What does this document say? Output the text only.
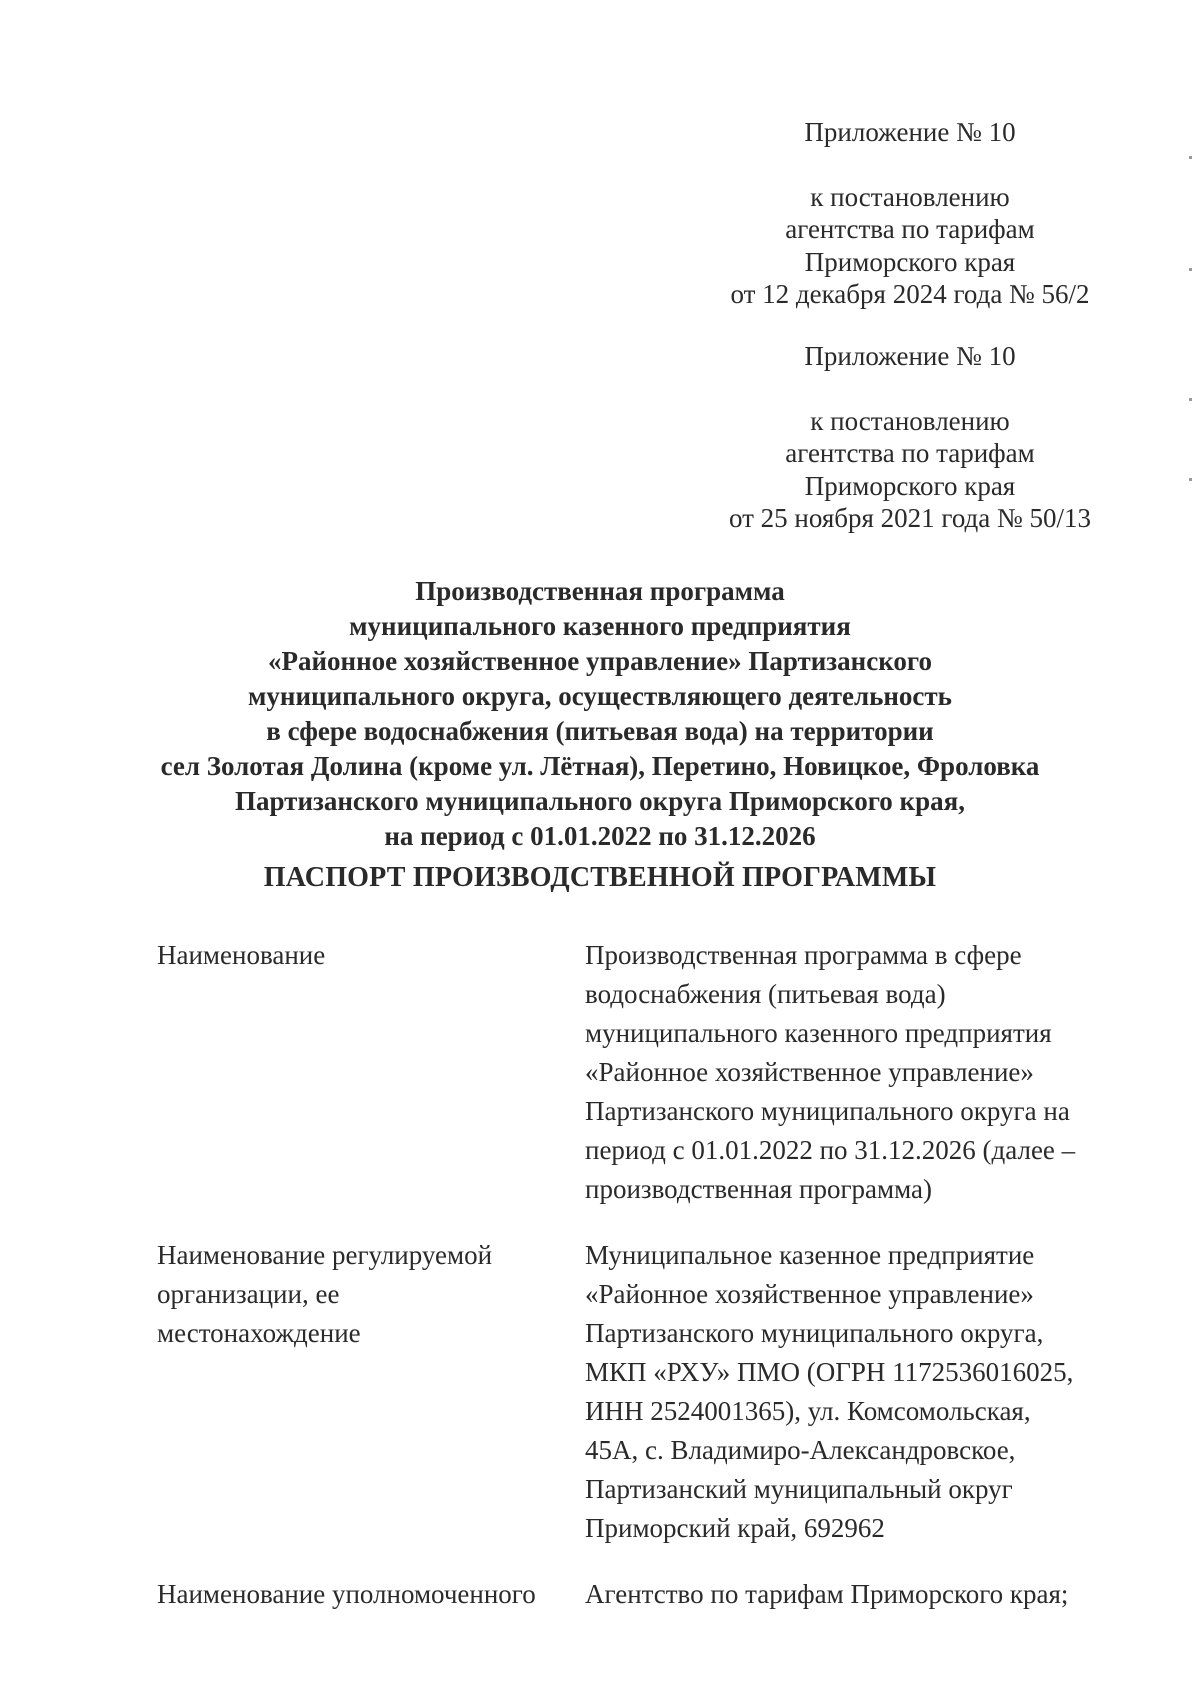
Приложение № 10
к постановлению
агентства по тарифам
Приморского края
от 12 декабря 2024 года № 56/2
Приложение № 10
к постановлению
агентства по тарифам
Приморского края
от 25 ноября 2021 года № 50/13
Производственная программа
муниципального казенного предприятия
«Районное хозяйственное управление» Партизанского
муниципального округа, осуществляющего деятельность
в сфере водоснабжения (питьевая вода) на территории
сел Золотая Долина (кроме ул. Лётная), Перетино, Новицкое, Фроловка
Партизанского муниципального округа Приморского края,
на период с 01.01.2022 по 31.12.2026
ПАСПОРТ ПРОИЗВОДСТВЕННОЙ ПРОГРАММЫ
Наименование	Производственная программа в сфере
водоснабжения (питьевая вода)
муниципального казенного предприятия
«Районное хозяйственное управление»
Партизанского муниципального округа на
период с 01.01.2022 по 31.12.2026 (далее –
производственная программа)
Наименование регулируемой
организации, ее
местонахождение
Муниципальное казенное предприятие
«Районное хозяйственное управление»
Партизанского муниципального округа,
МКП «РХУ» ПМО (ОГРН 1172536016025,
ИНН 2524001365), ул. Комсомольская,
45А, с. Владимиро-Александровское,
Партизанский муниципальный округ
Приморский край, 692962
Наименование уполномоченного	Агентство по тарифам Приморского края;
